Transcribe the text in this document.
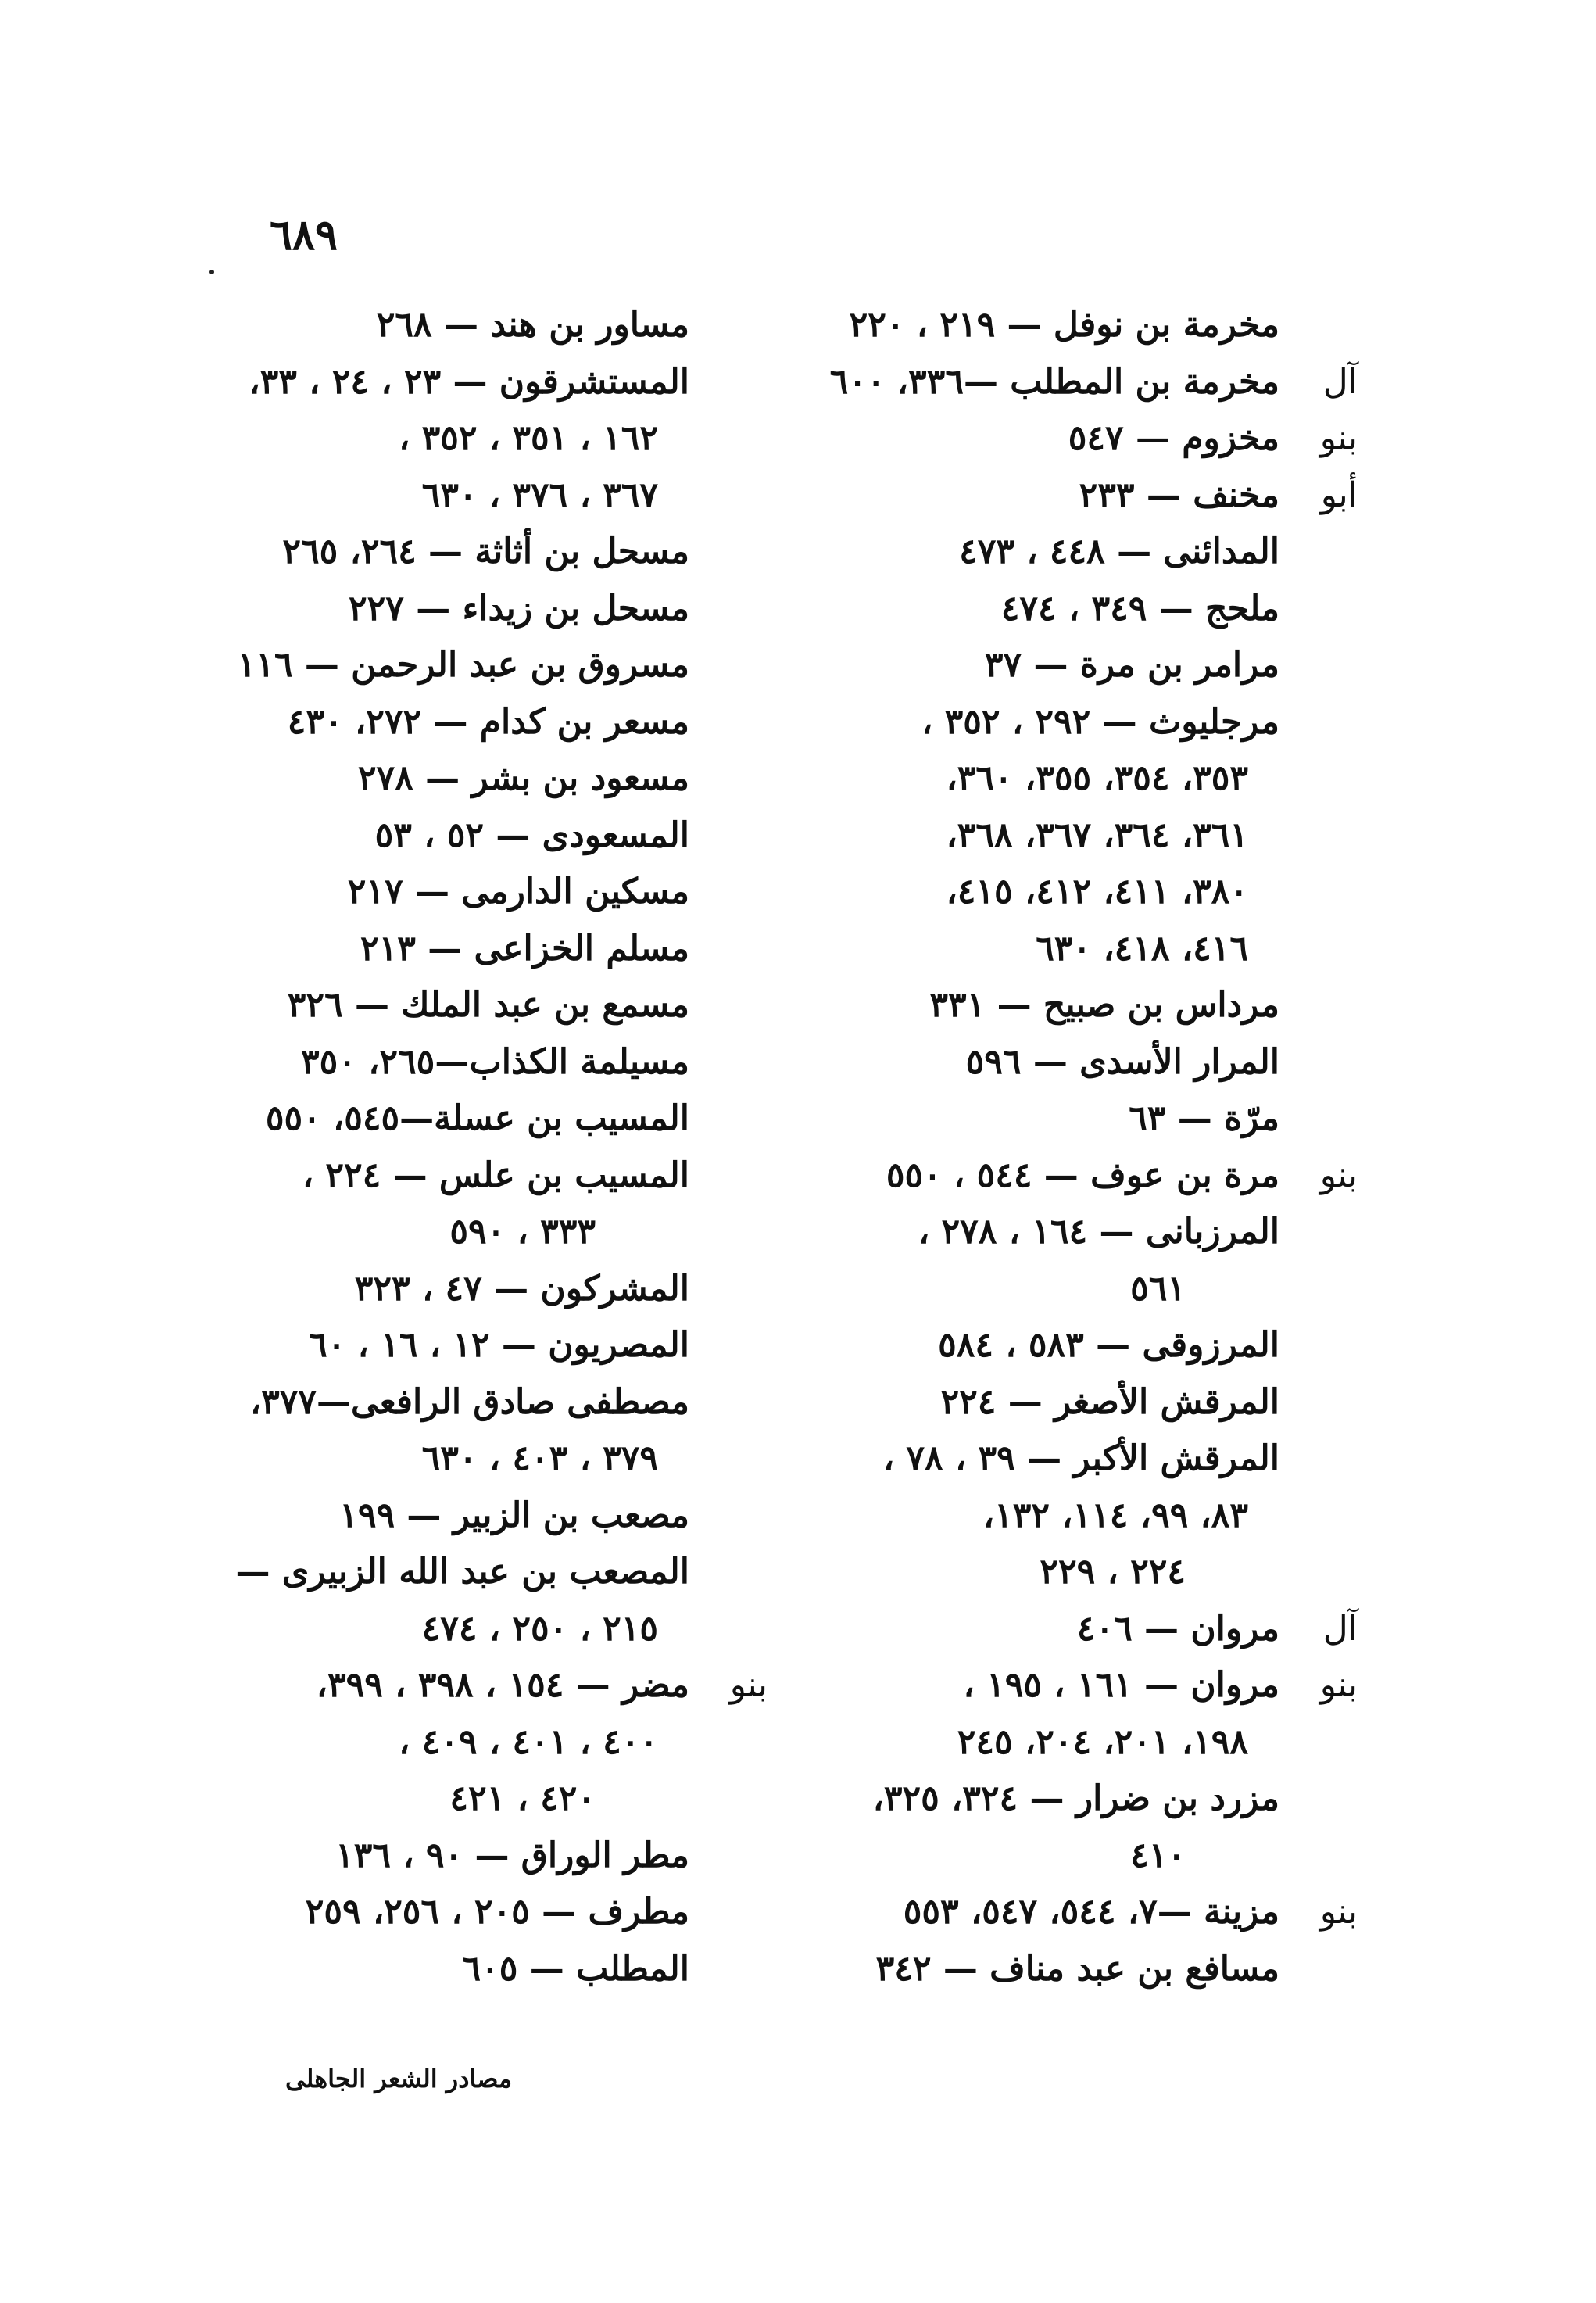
٦٨٩
مخرمة بن نوفل — ٢١٩ ، ٢٢٠
آل
مخرمة بن المطلب —٣٣٦، ٦٠٠
بنو
مخزوم — ٥٤٧
أبو
مخنف — ٢٣٣
المدائنى — ٤٤٨ ، ٤٧٣
ملحج — ٣٤٩ ، ٤٧٤
مرامر بن مرة — ٣٧
مرجليوث — ٢٩٢ ، ٣٥٢ ،
٣٥٣، ٣٥٤، ٣٥٥، ٣٦٠،
٣٦١، ٣٦٤، ٣٦٧، ٣٦٨،
٣٨٠، ٤١١، ٤١٢، ٤١٥،
٤١٦، ٤١٨، ٦٣٠
مرداس بن صبيح — ٣٣١
المرار الأسدى — ٥٩٦
مرّة — ٦٣
بنو
مرة بن عوف — ٥٤٤ ، ٥٥٠
المرزبانى — ١٦٤ ، ٢٧٨ ،
٥٦١
المرزوقى — ٥٨٣ ، ٥٨٤
المرقش الأصغر — ٢٢٤
المرقش الأكبر — ٣٩ ، ٧٨ ،
٨٣، ٩٩، ١١٤، ١٣٢،
٢٢٤ ، ٢٢٩
آل
مروان — ٤٠٦
بنو
مروان — ١٦١ ، ١٩٥ ،
١٩٨، ٢٠١، ٢٠٤، ٢٤٥
مزرد بن ضرار — ٣٢٤، ٣٢٥،
٤١٠
بنو
مزينة —٧، ٥٤٤، ٥٤٧، ٥٥٣
مسافع بن عبد مناف — ٣٤٢
مساور بن هند — ٢٦٨
المستشرقون — ٢٣ ، ٢٤ ، ٣٣،
١٦٢ ، ٣٥١ ، ٣٥٢ ،
٣٦٧ ، ٣٧٦ ، ٦٣٠
مسحل بن أثاثة — ٢٦٤، ٢٦٥
مسحل بن زيداء — ٢٢٧
مسروق بن عبد الرحمن — ١١٦
مسعر بن كدام — ٢٧٢، ٤٣٠
مسعود بن بشر — ٢٧٨
المسعودى — ٥٢ ، ٥٣
مسكين الدارمى — ٢١٧
مسلم الخزاعى — ٢١٣
مسمع بن عبد الملك — ٣٢٦
مسيلمة الكذاب—٢٦٥، ٣٥٠
المسيب بن عسلة—٥٤٥، ٥٥٠
المسيب بن علس — ٢٢٤ ،
٣٣٣ ، ٥٩٠
المشركون — ٤٧ ، ٣٢٣
المصريون — ١٢ ، ١٦ ، ٦٠
مصطفى صادق الرافعى—٣٧٧،
٣٧٩ ، ٤٠٣ ، ٦٣٠
مصعب بن الزبير — ١٩٩
المصعب بن عبد الله الزبيرى —
٢١٥ ، ٢٥٠ ، ٤٧٤
بنو
مضر — ١٥٤ ، ٣٩٨ ، ٣٩٩،
٤٠٠ ، ٤٠١ ، ٤٠٩ ،
٤٢٠ ، ٤٢١
مطر الوراق — ٩٠ ، ١٣٦
مطرف — ٢٠٥ ، ٢٥٦، ٢٥٩
المطلب — ٦٠٥
مصادر الشعر الجاهلى
